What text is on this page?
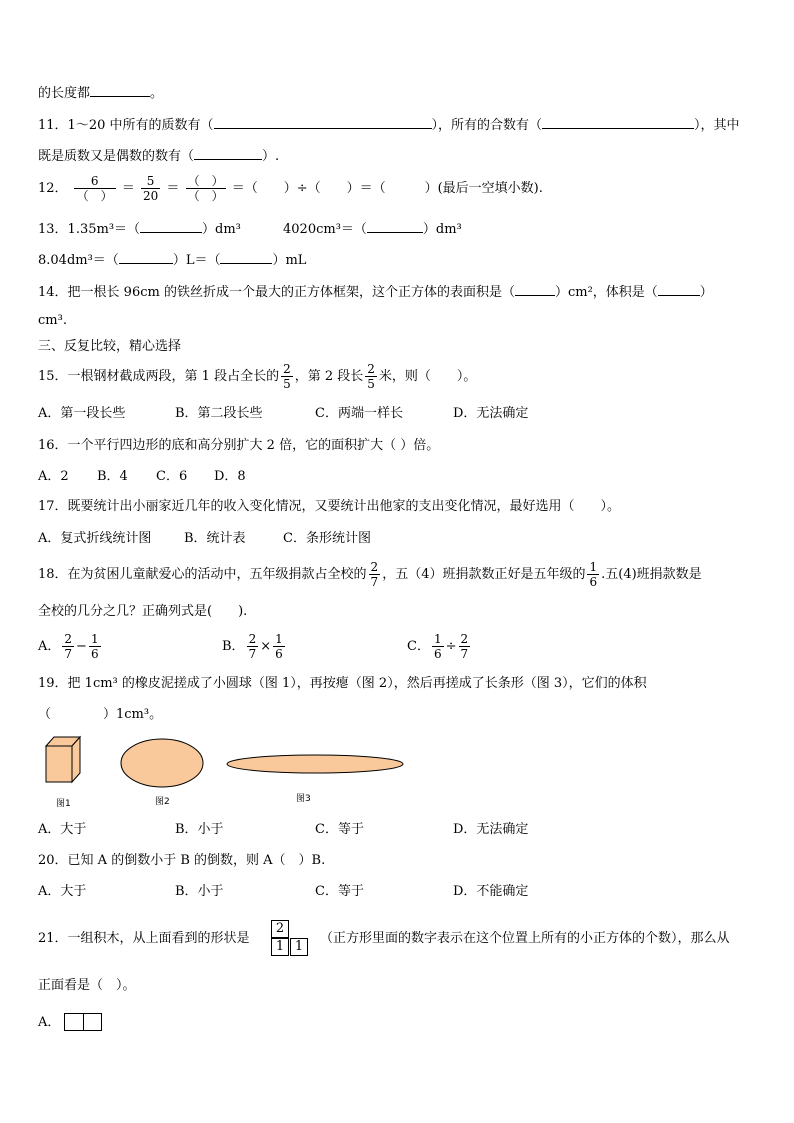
的长度都	。
11．1～20 中所有的质数有（	），所有的合数有（	），其中
既是质数又是偶数的数有（	）.
12． $\frac{6}{( )} = \frac{5}{20} = \frac{( )}{( )}$ ＝（　　）÷（　　）＝（　　　）(最后一空填小数).
13．1.35m³＝（	）dm³	4020cm³＝（	）dm³
8.04dm³＝（	）L＝（	）mL
14．把一根长 96cm 的铁丝折成一个最大的正方体框架，这个正方体的表面积是（	）cm²，体积是（	）
cm³.
三、反复比较，精心选择
15．一根钢材截成两段，第 1 段占全长的 $\frac{2}{5}$ ，第 2 段长 $\frac{2}{5}$ 米，则（　　）。
A．第一段长些	B．第二段长些	C．两端一样长	D．无法确定
16．一个平行四边形的底和高分别扩大 2 倍，它的面积扩大（ ）倍。
A．2 B．4 C．6 D．8
17．既要统计出小丽家近几年的收入变化情况，又要统计出他家的支出变化情况，最好选用（　　）。
A．复式折线统计图	B．统计表	C．条形统计图
18．在为贫困儿童献爱心的活动中，五年级捐款占全校的 $\frac{2}{7}$ ，五（4）班捐款数正好是五年级的 $\frac{1}{6}$ .五(4)班捐款数是
全校的几分之几？正确列式是(　　).
A． $\frac{2}{7} - \frac{1}{6}$	B． $\frac{2}{7} \times \frac{1}{6}$	C． $\frac{1}{6} \div \frac{2}{7}$
19．把 1cm³ 的橡皮泥搓成了小圆球（图 1），再按瘪（图 2），然后再搓成了长条形（图 3），它们的体积
（　　　　）1cm³。
图1	图2	图3
A．大于	B．小于	C．等于	D．无法确定
20．已知 A 的倒数小于 B 的倒数，则 A（　）B.
A．大于	B．小于	C．等于	D．不能确定
21．一组积木，从上面看到的形状是
2
1 1
（正方形里面的数字表示在这个位置上所有的小正方体的个数），那么从
正面看是（　）。
A．
